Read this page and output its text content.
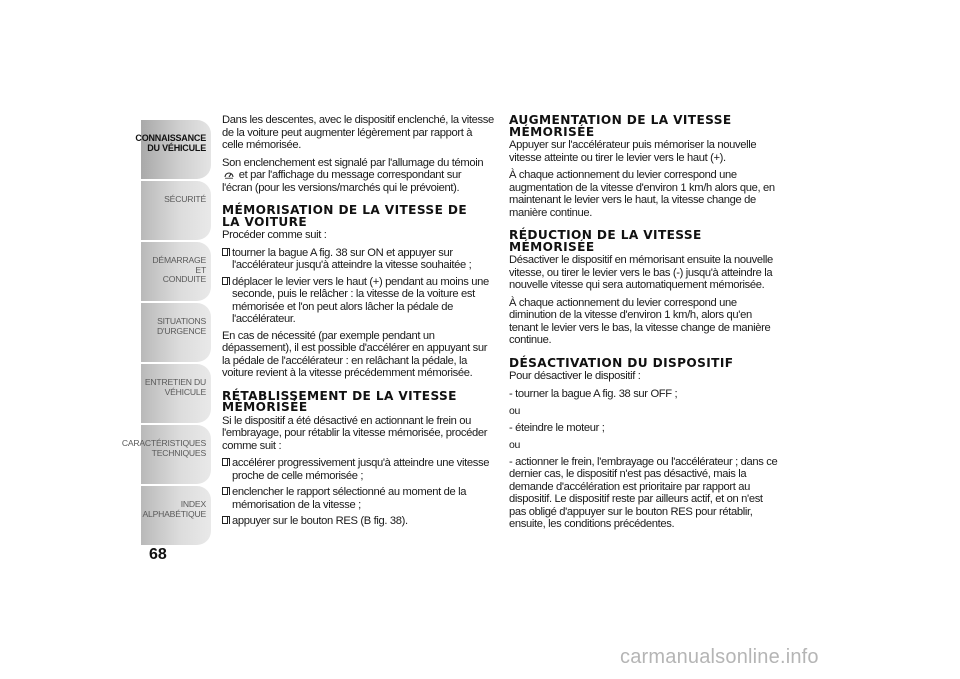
CONNAISSANCE
DU VÉHICULE
SÉCURITÉ
DÉMARRAGE ET
CONDUITE
SITUATIONS
D'URGENCE
ENTRETIEN DU
VÉHICULE
CARACTÉRISTIQUES
TECHNIQUES
INDEX
ALPHABÉTIQUE
68

Dans les descentes, avec le dispositif enclenché, la vitesse de la voiture peut augmenter légèrement par rapport à celle mémorisée.

Son enclenchement est signalé par l'allumage du témoin  et par l'affichage du message correspondant sur l'écran (pour les versions/marchés qui le prévoient).

MÉMORISATION DE LA VITESSE DE LA VOITURE

Procéder comme suit :

tourner la bague A fig. 38 sur ON et appuyer sur l'accélérateur jusqu'à atteindre la vitesse souhaitée ;
déplacer le levier vers le haut (+) pendant au moins une seconde, puis le relâcher : la vitesse de la voiture est mémorisée et l'on peut alors lâcher la pédale de l'accélérateur.

En cas de nécessité (par exemple pendant un dépassement), il est possible d'accélérer en appuyant sur la pédale de l'accélérateur : en relâchant la pédale, la voiture revient à la vitesse précédemment mémorisée.

RÉTABLISSEMENT DE LA VITESSE MÉMORISÉE

Si le dispositif a été désactivé en actionnant le frein ou l'embrayage, pour rétablir la vitesse mémorisée, procéder comme suit :

accélérer progressivement jusqu'à atteindre une vitesse proche de celle mémorisée ;
enclencher le rapport sélectionné au moment de la mémorisation de la vitesse ;
appuyer sur le bouton RES (B fig. 38).
AUGMENTATION DE LA VITESSE MÉMORISÉE

Appuyer sur l'accélérateur puis mémoriser la nouvelle vitesse atteinte ou tirer le levier vers le haut (+).

À chaque actionnement du levier correspond une augmentation de la vitesse d'environ 1 km/h alors que, en maintenant le levier vers le haut, la vitesse change de manière continue.

RÉDUCTION DE LA VITESSE MÉMORISÉE

Désactiver le dispositif en mémorisant ensuite la nouvelle vitesse, ou tirer le levier vers le bas (-) jusqu'à atteindre la nouvelle vitesse qui sera automatiquement mémorisée.

À chaque actionnement du levier correspond une diminution de la vitesse d'environ 1 km/h, alors qu'en tenant le levier vers le bas, la vitesse change de manière continue.

DÉSACTIVATION DU DISPOSITIF

Pour désactiver le dispositif :

- tourner la bague A fig. 38 sur OFF ;

ou

- éteindre le moteur ;

ou

- actionner le frein, l'embrayage ou l'accélérateur ; dans ce dernier cas, le dispositif n'est pas désactivé, mais la demande d'accélération est prioritaire par rapport au dispositif. Le dispositif reste par ailleurs actif, et on n'est pas obligé d'appuyer sur le bouton RES pour rétablir, ensuite, les conditions précédentes.

carmanualsonline.info
